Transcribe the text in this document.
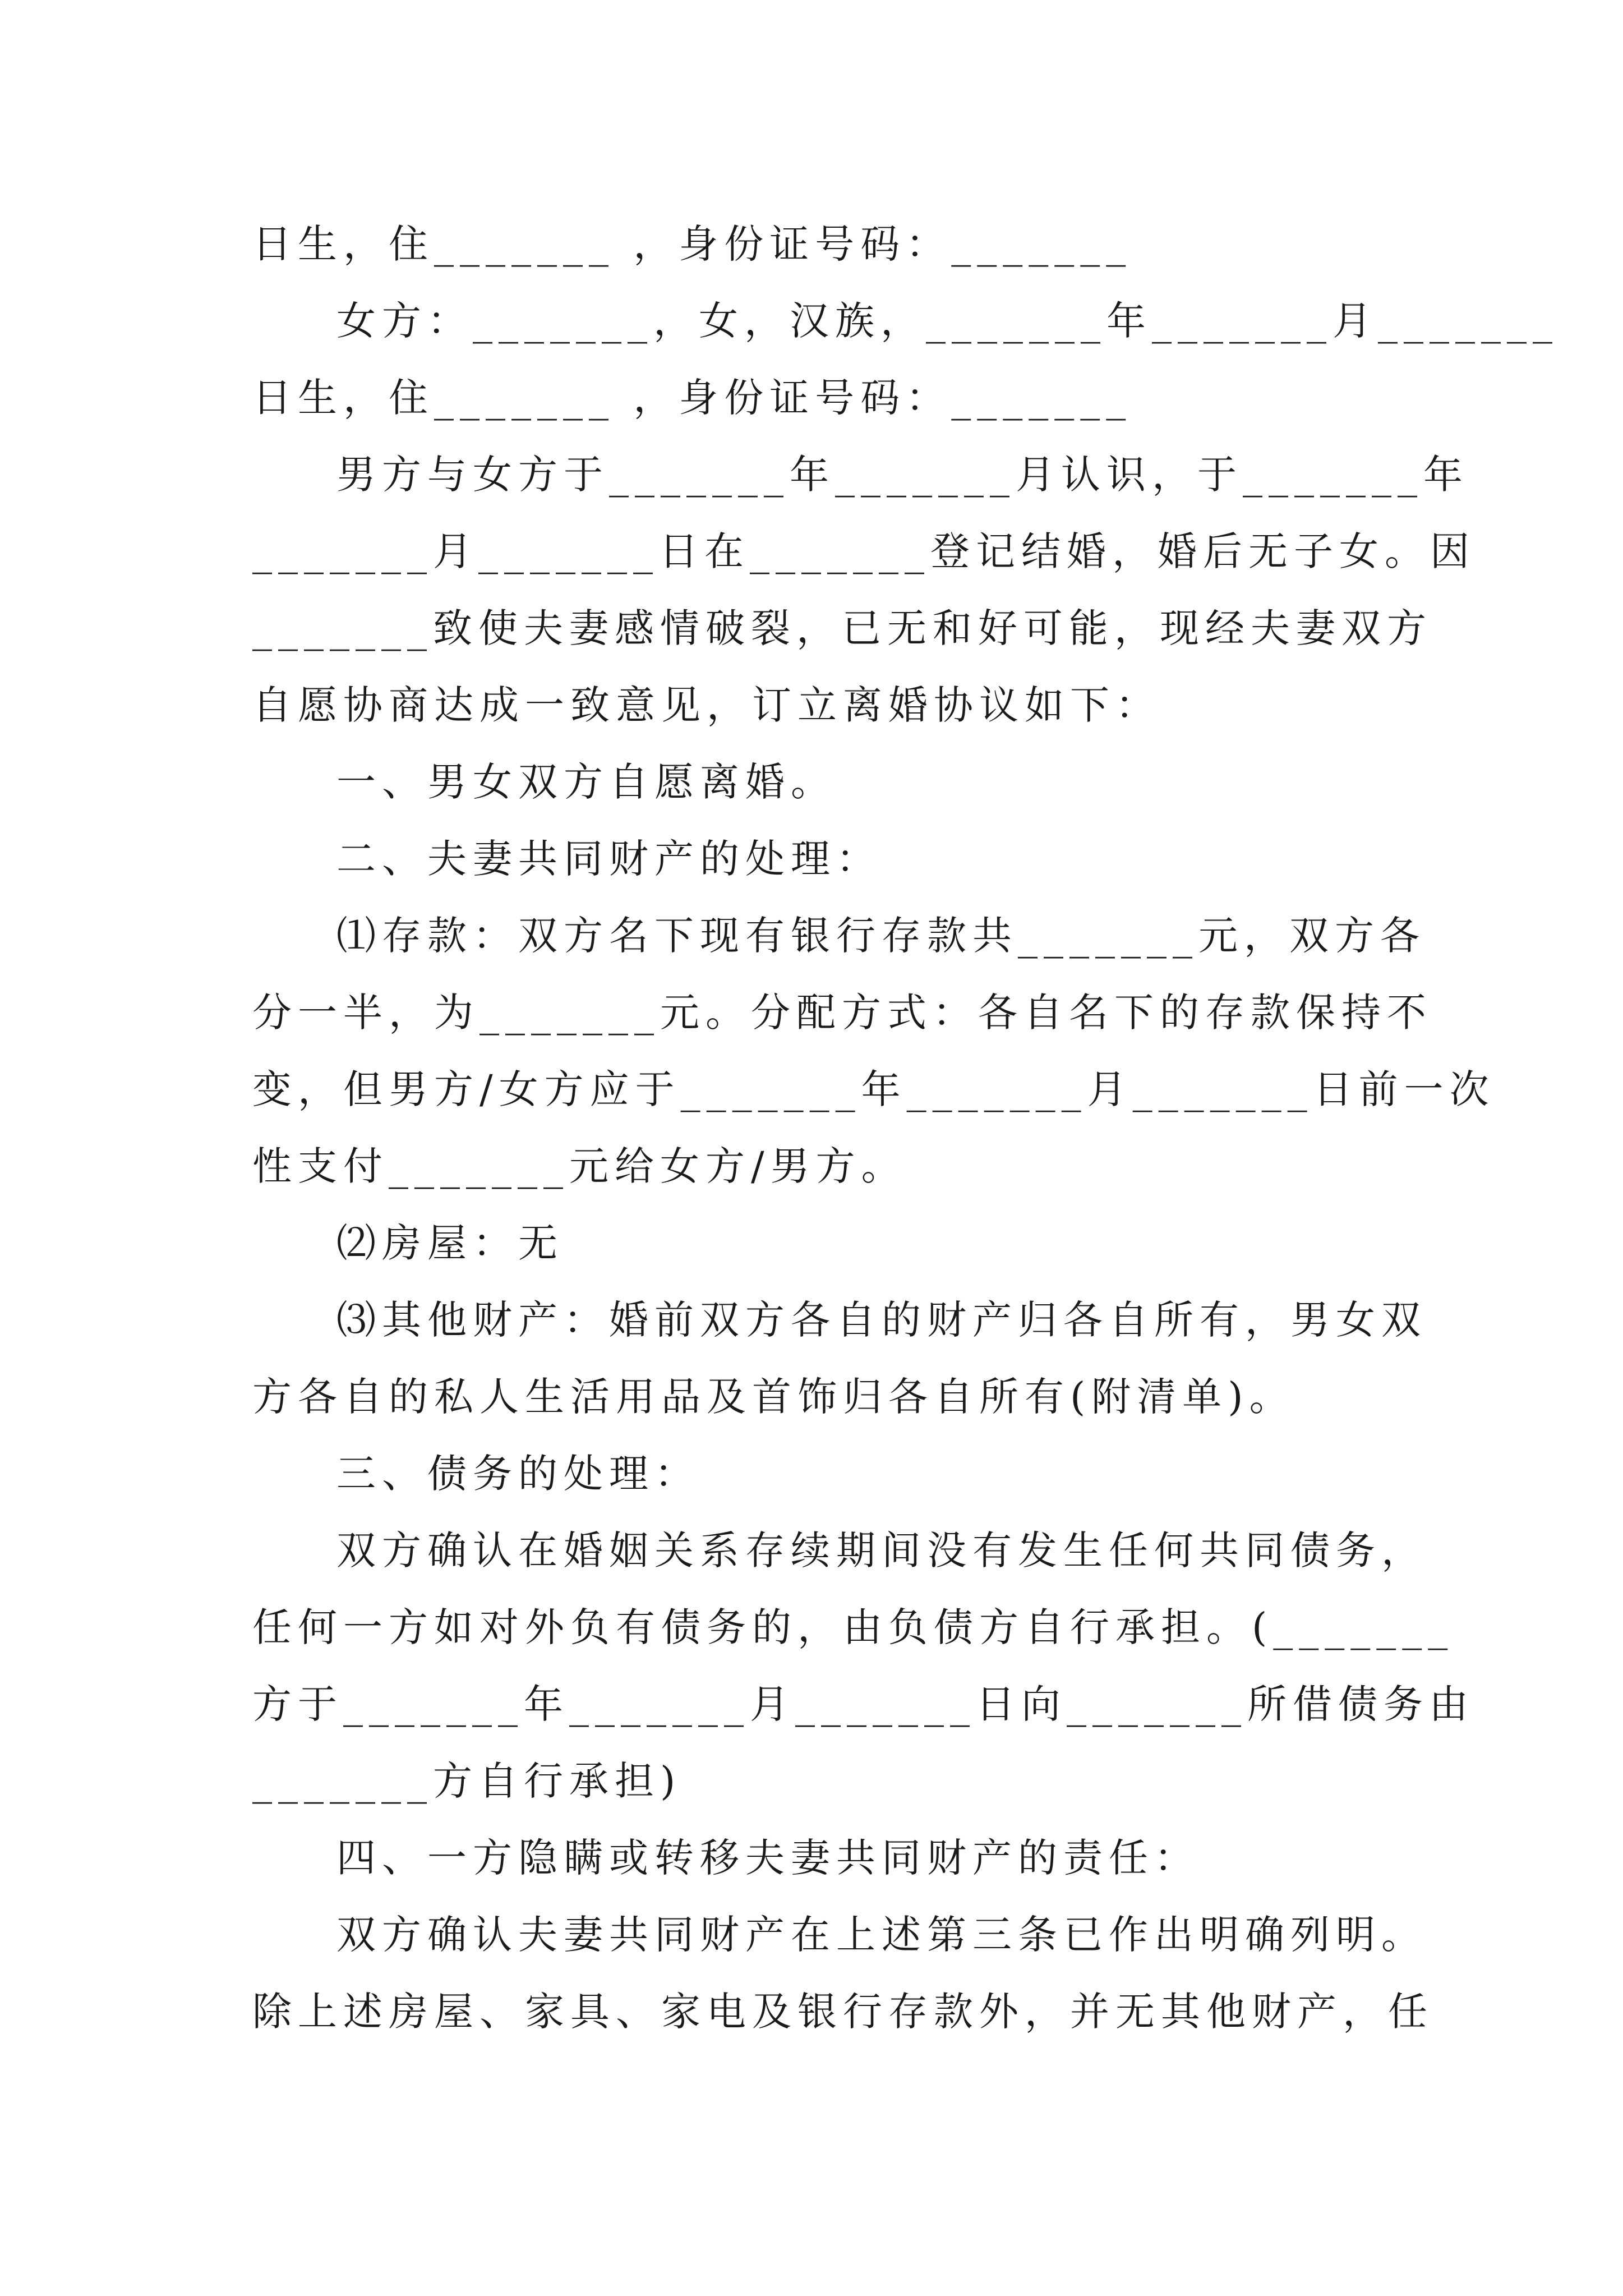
日生，住_______ ，身份证号码：_______
女方：_______，女，汉族，_______年_______月_______
日生，住_______ ，身份证号码：_______
男方与女方于_______年_______月认识，于_______年
_______月_______日在_______登记结婚，婚后无子女。因
_______致使夫妻感情破裂，已无和好可能，现经夫妻双方
自愿协商达成一致意见，订立离婚协议如下：
一、男女双方自愿离婚。
二、夫妻共同财产的处理：
⑴存款：双方名下现有银行存款共_______元，双方各
分一半，为_______元。分配方式：各自名下的存款保持不
变，但男方/女方应于_______年_______月_______日前一次
性支付_______元给女方/男方。
⑵房屋：无
⑶其他财产：婚前双方各自的财产归各自所有，男女双
方各自的私人生活用品及首饰归各自所有(附清单)。
三、债务的处理：
双方确认在婚姻关系存续期间没有发生任何共同债务，
任何一方如对外负有债务的，由负债方自行承担。(_______
方于_______年_______月_______日向_______所借债务由
_______方自行承担)
四、一方隐瞒或转移夫妻共同财产的责任：
双方确认夫妻共同财产在上述第三条已作出明确列明。
除上述房屋、家具、家电及银行存款外，并无其他财产，任
